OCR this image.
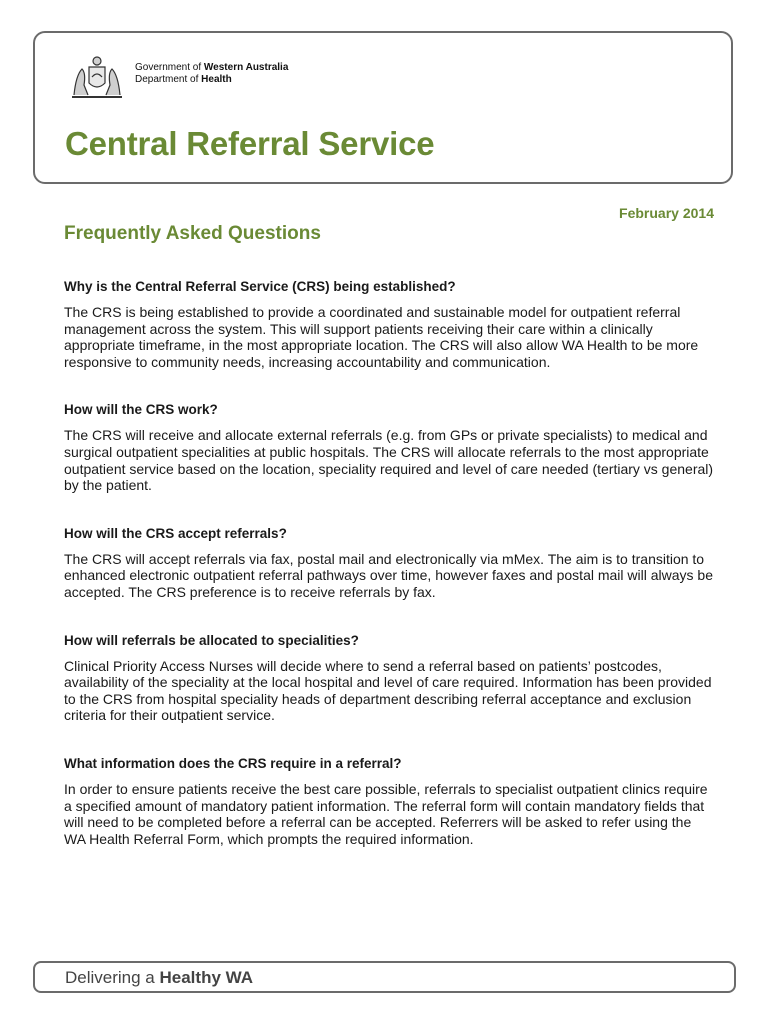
Government of Western Australia
Department of Health
Central Referral Service
February 2014
Frequently Asked Questions

Why is the Central Referral Service (CRS) being established?

The CRS is being established to provide a coordinated and sustainable model for outpatient referral management across the system. This will support patients receiving their care within a clinically appropriate timeframe, in the most appropriate location. The CRS will also allow WA Health to be more responsive to community needs, increasing accountability and communication.

How will the CRS work?

The CRS will receive and allocate external referrals (e.g. from GPs or private specialists) to medical and surgical outpatient specialities at public hospitals. The CRS will allocate referrals to the most appropriate outpatient service based on the location, speciality required and level of care needed (tertiary vs general) by the patient.

How will the CRS accept referrals?

The CRS will accept referrals via fax, postal mail and electronically via mMex. The aim is to transition to enhanced electronic outpatient referral pathways over time, however faxes and postal mail will always be accepted. The CRS preference is to receive referrals by fax.

How will referrals be allocated to specialities?

Clinical Priority Access Nurses will decide where to send a referral based on patients’ postcodes, availability of the speciality at the local hospital and level of care required. Information has been provided to the CRS from hospital speciality heads of department describing referral acceptance and exclusion criteria for their outpatient service.

What information does the CRS require in a referral?

In order to ensure patients receive the best care possible, referrals to specialist outpatient clinics require a specified amount of mandatory patient information. The referral form will contain mandatory fields that will need to be completed before a referral can be accepted. Referrers will be asked to refer using the WA Health Referral Form, which prompts the required information.

Delivering a Healthy WA
